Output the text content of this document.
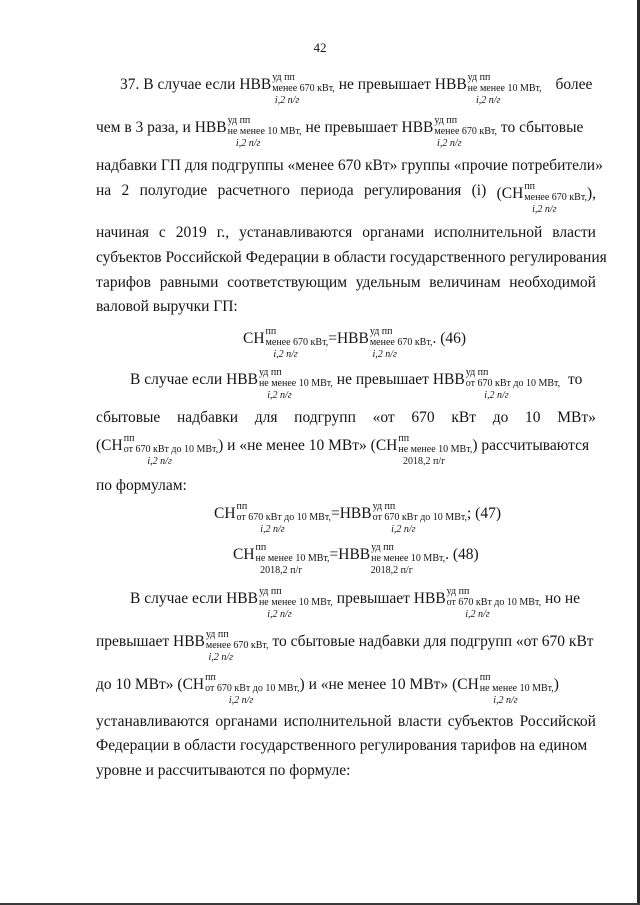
42
37. В случае если НВВ уд пп
менее 670 кВт,
i,2 п/г
не превышает НВВ уд пп
не менее 10 МВт,
i,2 п/г
более
чем в 3 раза, и НВВ уд пп
не менее 10 МВт,
i,2 п/г
не превышает НВВ уд пп
менее 670 кВт,
i,2 п/г
то сбытовые
надбавки ГП для подгруппы «менее 670 кВт» группы «прочие потребители»
на 2 полугодие расчетного периода регулирования (i) (СН пп
менее 670 кВт,
i,2 п/г
),
начиная с 2019 г., устанавливаются органами исполнительной власти
субъектов Российской Федерации в области государственного регулирования
тарифов равными соответствующим удельным величинам необходимой
валовой выручки ГП:
СН пп
менее 670 кВт,
i,2 п/г
=НВВ уд пп
менее 670 кВт,
i,2 п/г
. (46)
В случае если НВВ уд пп
не менее 10 МВт,
i,2 п/г
не превышает НВВ уд пп
от 670 кВт до 10 МВт,
i,2 п/г
то
сбытовые надбавки для подгрупп «от 670 кВт до 10 МВт»
(СН пп
от 670 кВт до 10 МВт,
i,2 п/г
) и «не менее 10 МВт» (СН пп
не менее 10 МВт,
2018,2 п/г
) рассчитываются
по формулам:
СН пп
от 670 кВт до 10 МВт,
i,2 п/г
=НВВ уд пп
от 670 кВт до 10 МВт,
i,2 п/г
; (47)
СН пп
не менее 10 МВт,
2018,2 п/г
=НВВ уд пп
не менее 10 МВт,
2018,2 п/г
. (48)
В случае если НВВ уд пп
не менее 10 МВт,
i,2 п/г
превышает НВВ уд пп
от 670 кВт до 10 МВт,
i,2 п/г
но не
превышает НВВ уд пп
менее 670 кВт,
i,2 п/г
то сбытовые надбавки для подгрупп «от 670 кВт
до 10 МВт» (СН пп
от 670 кВт до 10 МВт,
i,2 п/г
) и «не менее 10 МВт» (СН пп
не менее 10 МВт,
i,2 п/г
)
устанавливаются органами исполнительной власти субъектов Российской
Федерации в области государственного регулирования тарифов на едином
уровне и рассчитываются по формуле:
